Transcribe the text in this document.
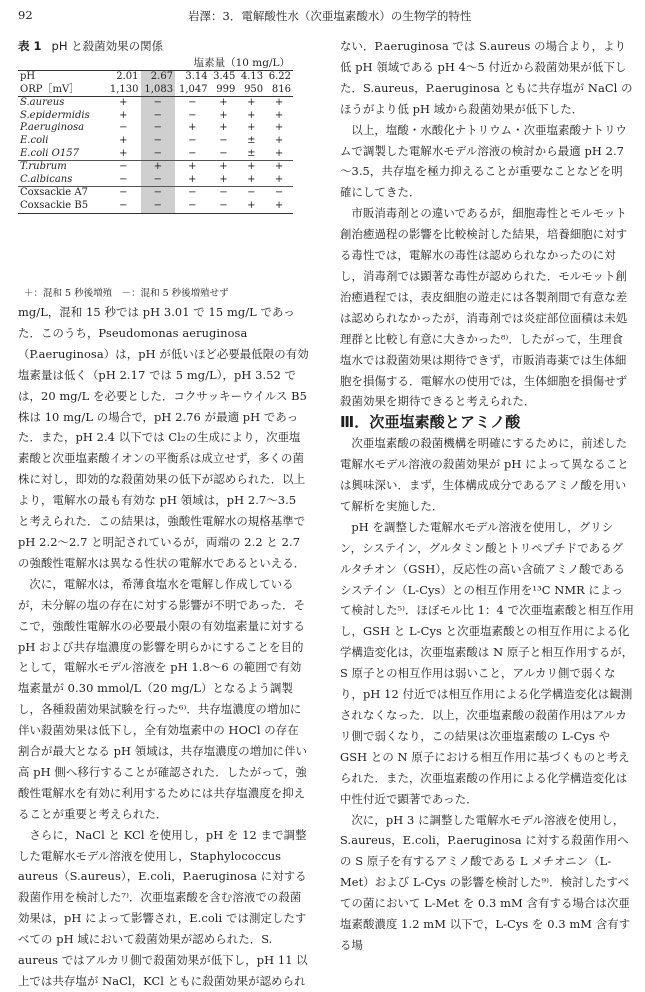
92	岩澤：3．電解酸性水（次亜塩素酸水）の生物学的特性
表 1 pH と殺菌効果の関係
塩素量（10 mg/L）
pH	2.01	2.67	3.14	3.45	4.13	6.22
ORP［mV］	1,130	1,083	1,047	999	950	816
S.aureus	+	−	−	+	+	+
S.epidermidis	+	−	−	+	+	+
P.aeruginosa	−	−	+	+	+	+
E.coli	+	−	−	−	±	+
E.coli O157	+	−	−	−	±	+
T.rubrum	−	+	+	+	+	+
C.albicans	−	−	+	+	+	+
Coxsackie A7	−	−	−	−	−	−
Coxsackie B5	−	−	−	−	+	+
＋：混和 5 秒後増殖　－：混和 5 秒後増殖せず

mg/L，混和 15 秒では pH 3.01 で 15 mg/L であった．このうち，Pseudomonas aeruginosa（P.aeruginosa）は，pH が低いほど必要最低限の有効塩素量は低く（pH 2.17 では 5 mg/L），pH 3.52 では，20 mg/L を必要とした．コクサッキーウイルス B5 株は 10 mg/L の場合で，pH 2.76 が最適 pH であった．また，pH 2.4 以下では Cl₂の生成により，次亜塩素酸と次亜塩素酸イオンの平衡系は成立せず，多くの菌株に対し，即効的な殺菌効果の低下が認められた．以上より，電解水の最も有効な pH 領域は，pH 2.7～3.5 と考えられた．この結果は，強酸性電解水の規格基準で pH 2.2～2.7 と明記されているが，両端の 2.2 と 2.7 の強酸性電解水は異なる性状の電解水であるといえる．

次に，電解水は，希薄食塩水を電解し作成しているが，未分解の塩の存在に対する影響が不明であった．そこで，強酸性電解水の必要最小限の有効塩素量に対する pH および共存塩濃度の影響を明らかにすることを目的として，電解水モデル溶液を pH 1.8～6 の範囲で有効塩素量が 0.30 mmol/L（20 mg/L）となるよう調製し，各種殺菌効果試験を行った⁶⁾．共存塩濃度の増加に伴い殺菌効果は低下し，全有効塩素中の HOCl の存在割合が最大となる pH 領域は，共存塩濃度の増加に伴い高 pH 側へ移行することが確認された．したがって，強酸性電解水を有効に利用するためには共存塩濃度を抑えることが重要と考えられた．

さらに，NaCl と KCl を使用し，pH を 12 まで調整した電解水モデル溶液を使用し，Staphylococcus aureus（S.aureus），E.coli，P.aeruginosa に対する殺菌作用を検討した⁷⁾．次亜塩素酸を含む溶液での殺菌効果は，pH によって影響され，E.coli では測定したすべての pH 域において殺菌効果が認められた．S. aureus ではアルカリ側で殺菌効果が低下し，pH 11 以上では共存塩が NaCl，KCl ともに殺菌効果が認められ

ない．P.aeruginosa では S.aureus の場合より，より低 pH 領域である pH 4～5 付近から殺菌効果が低下した．S.aureus，P.aeruginosa ともに共存塩が NaCl のほうがより低 pH 域から殺菌効果が低下した．

以上，塩酸・水酸化ナトリウム・次亜塩素酸ナトリウムで調製した電解水モデル溶液の検討から最適 pH 2.7～3.5，共存塩を極力抑えることが重要なことなどを明確にしてきた．

市販消毒剤との違いであるが，細胞毒性とモルモット創治癒過程の影響を比較検討した結果，培養細胞に対する毒性では，電解水の毒性は認められなかったのに対し，消毒剤では顕著な毒性が認められた．モルモット創治癒過程では，表皮細胞の遊走には各製剤間で有意な差は認められなかったが，消毒剤では炎症部位面積は未処理群と比較し有意に大きかった⁸⁾．したがって，生理食塩水では殺菌効果は期待できず，市販消毒薬では生体細胞を損傷する．電解水の使用では，生体細胞を損傷せず殺菌効果を期待できると考えられた．

Ⅲ．次亜塩素酸とアミノ酸

次亜塩素酸の殺菌機構を明確にするために，前述した電解水モデル溶液の殺菌効果が pH によって異なることは興味深い．まず，生体構成成分であるアミノ酸を用いて解析を実施した．

pH を調整した電解水モデル溶液を使用し，グリシン，システイン，グルタミン酸とトリペプチドであるグルタチオン（GSH），反応性の高い含硫アミノ酸であるシステイン（L-Cys）との相互作用を¹³C NMR によって検討した⁵⁾．ほぼモル比 1：4 で次亜塩素酸と相互作用し，GSH と L-Cys と次亜塩素酸との相互作用による化学構造変化は，次亜塩素酸は N 原子と相互作用するが，S 原子との相互作用は弱いこと，アルカリ側で弱くなり，pH 12 付近では相互作用による化学構造変化は観測されなくなった．以上，次亜塩素酸の殺菌作用はアルカリ側で弱くなり，この結果は次亜塩素酸の L-Cys や GSH との N 原子における相互作用に基づくものと考えられた．また，次亜塩素酸の作用による化学構造変化は中性付近で顕著であった．

次に，pH 3 に調整した電解水モデル溶液を使用し，S.aureus，E.coli，P.aeruginosa に対する殺菌作用への S 原子を有するアミノ酸である L メチオニン（L-Met）および L-Cys の影響を検討した⁹⁾．検討したすべての菌において L-Met を 0.3 mM 含有する場合は次亜塩素酸濃度 1.2 mM 以下で，L-Cys を 0.3 mM 含有する場
